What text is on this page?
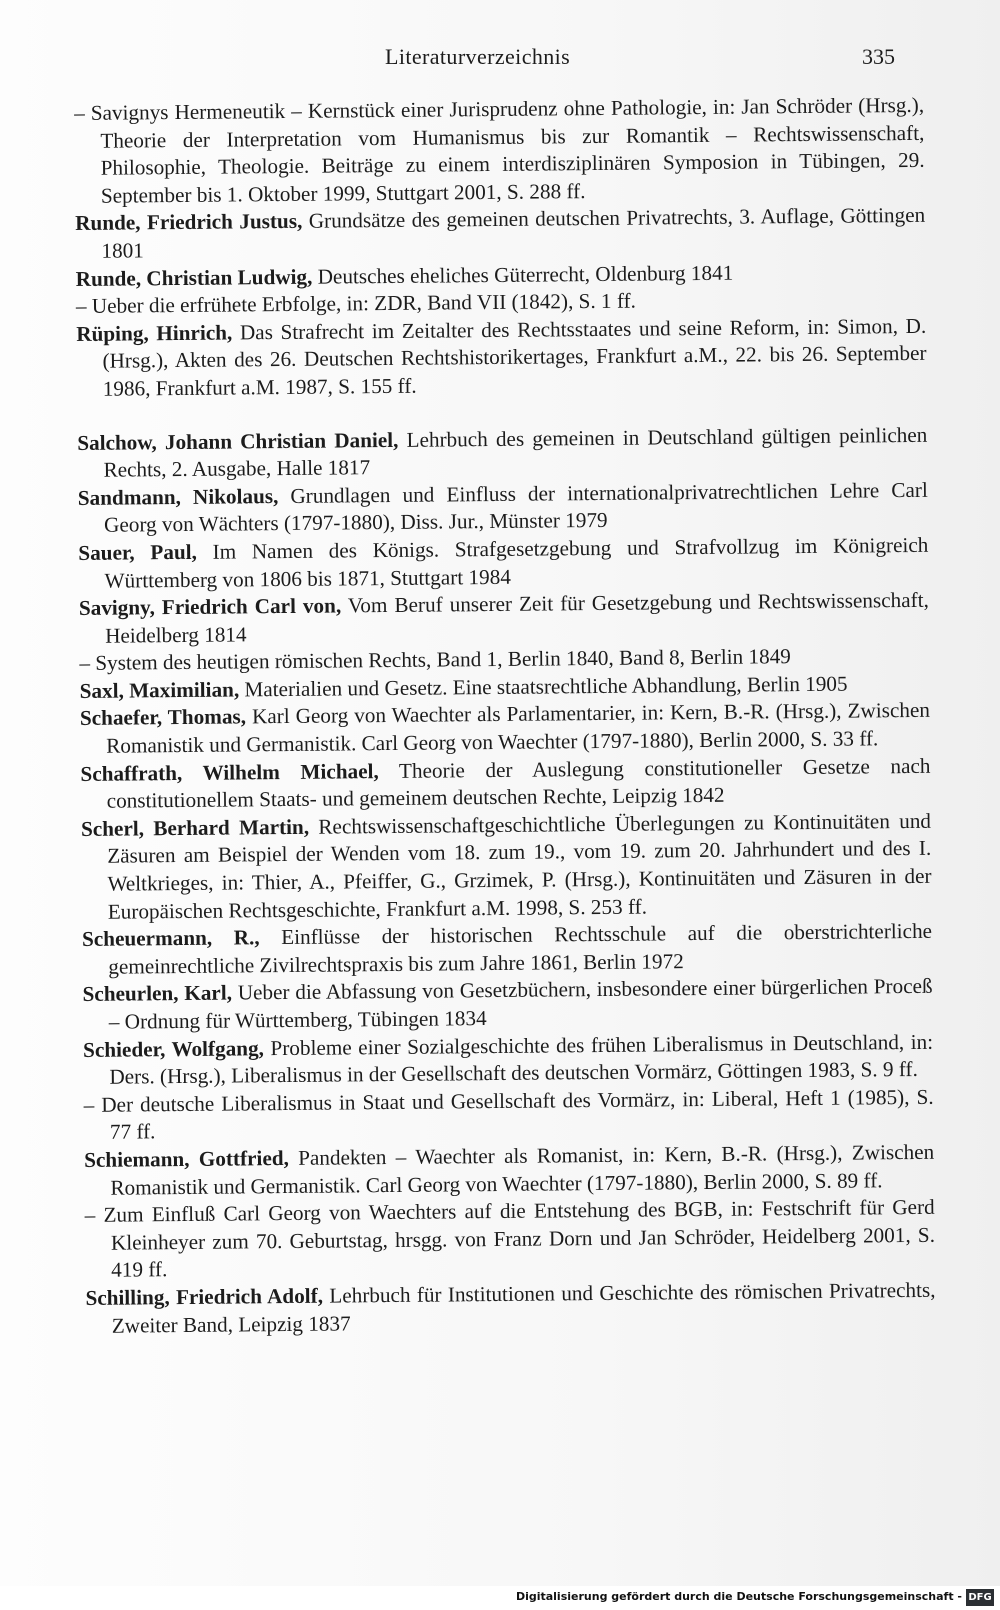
Literaturverzeichnis	335

– Savignys Hermeneutik – Kernstück einer Jurisprudenz ohne Pathologie, in: Jan Schröder (Hrsg.), Theorie der Interpretation vom Humanismus bis zur Romantik – Rechtswissenschaft, Philosophie, Theologie. Beiträge zu einem interdisziplinären Symposion in Tübingen, 29. September bis 1. Oktober 1999, Stuttgart 2001, S. 288 ff.

Runde, Friedrich Justus, Grundsätze des gemeinen deutschen Privatrechts, 3. Auflage, Göttingen 1801

Runde, Christian Ludwig, Deutsches eheliches Güterrecht, Oldenburg 1841

– Ueber die erfrühete Erbfolge, in: ZDR, Band VII (1842), S. 1 ff.

Rüping, Hinrich, Das Strafrecht im Zeitalter des Rechtsstaates und seine Reform, in: Simon, D. (Hrsg.), Akten des 26. Deutschen Rechtshistorikertages, Frankfurt a.M., 22. bis 26. September 1986, Frankfurt a.M. 1987, S. 155 ff.

Salchow, Johann Christian Daniel, Lehrbuch des gemeinen in Deutschland gültigen peinlichen Rechts, 2. Ausgabe, Halle 1817

Sandmann, Nikolaus, Grundlagen und Einfluss der internationalprivatrechtlichen Lehre Carl Georg von Wächters (1797-1880), Diss. Jur., Münster 1979

Sauer, Paul, Im Namen des Königs. Strafgesetzgebung und Strafvollzug im Königreich Württemberg von 1806 bis 1871, Stuttgart 1984

Savigny, Friedrich Carl von, Vom Beruf unserer Zeit für Gesetzgebung und Rechtswissenschaft, Heidelberg 1814

– System des heutigen römischen Rechts, Band 1, Berlin 1840, Band 8, Berlin 1849

Saxl, Maximilian, Materialien und Gesetz. Eine staatsrechtliche Abhandlung, Berlin 1905

Schaefer, Thomas, Karl Georg von Waechter als Parlamentarier, in: Kern, B.-R. (Hrsg.), Zwischen Romanistik und Germanistik. Carl Georg von Waechter (1797-1880), Berlin 2000, S. 33 ff.

Schaffrath, Wilhelm Michael, Theorie der Auslegung constitutioneller Gesetze nach constitutionellem Staats- und gemeinem deutschen Rechte, Leipzig 1842

Scherl, Berhard Martin, Rechtswissenschaftgeschichtliche Überlegungen zu Kontinuitäten und Zäsuren am Beispiel der Wenden vom 18. zum 19., vom 19. zum 20. Jahrhundert und des I. Weltkrieges, in: Thier, A., Pfeiffer, G., Grzimek, P. (Hrsg.), Kontinuitäten und Zäsuren in der Europäischen Rechtsgeschichte, Frankfurt a.M. 1998, S. 253 ff.

Scheuermann, R., Einflüsse der historischen Rechtsschule auf die oberstrichterliche gemeinrechtliche Zivilrechtspraxis bis zum Jahre 1861, Berlin 1972

Scheurlen, Karl, Ueber die Abfassung von Gesetzbüchern, insbesondere einer bürgerlichen Proceß – Ordnung für Württemberg, Tübingen 1834

Schieder, Wolfgang, Probleme einer Sozialgeschichte des frühen Liberalismus in Deutschland, in: Ders. (Hrsg.), Liberalismus in der Gesellschaft des deutschen Vormärz, Göttingen 1983, S. 9 ff.

– Der deutsche Liberalismus in Staat und Gesellschaft des Vormärz, in: Liberal, Heft 1 (1985), S. 77 ff.

Schiemann, Gottfried, Pandekten – Waechter als Romanist, in: Kern, B.-R. (Hrsg.), Zwischen Romanistik und Germanistik. Carl Georg von Waechter (1797-1880), Berlin 2000, S. 89 ff.

– Zum Einfluß Carl Georg von Waechters auf die Entstehung des BGB, in: Festschrift für Gerd Kleinheyer zum 70. Geburtstag, hrsgg. von Franz Dorn und Jan Schröder, Heidelberg 2001, S. 419 ff.

Schilling, Friedrich Adolf, Lehrbuch für Institutionen und Geschichte des römischen Privatrechts, Zweiter Band, Leipzig 1837

Digitalisierung gefördert durch die Deutsche Forschungsgemeinschaft - DFG
